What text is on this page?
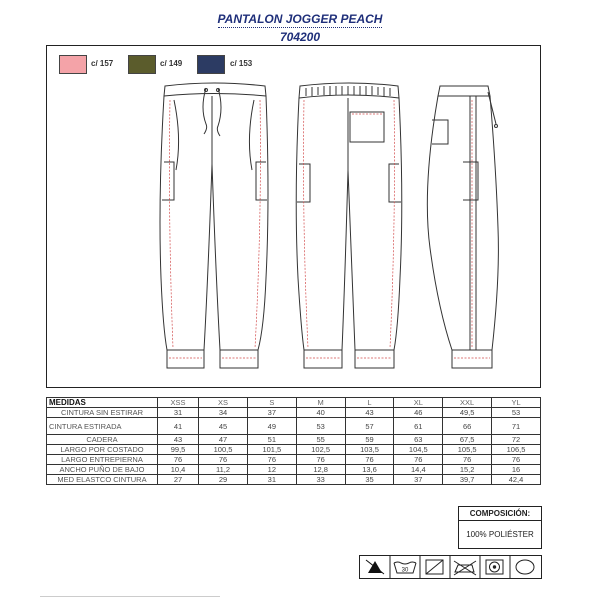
PANTALON JOGGER PEACH
704200
c/ 157	c/ 149	c/ 153
MEDIDAS	XSS	XS	S	M	L	XL	XXL	YL
CINTURA SIN ESTIRAR	31	34	37	40	43	46	49,5	53
CINTURA ESTIRADA	41	45	49	53	57	61	66	71
CADERA	43	47	51	55	59	63	67,5	72
LARGO POR COSTADO	99,5	100,5	101,5	102,5	103,5	104,5	105,5	106,5
LARGO ENTREPIERNA	76	76	76	76	76	76	76	76
ANCHO PUÑO DE BAJO	10,4	11,2	12	12,8	13,6	14,4	15,2	16
MED ELASTCO CINTURA	27	29	31	33	35	37	39,7	42,4
COMPOSICIÓN:
100% POLIÉSTER
30
